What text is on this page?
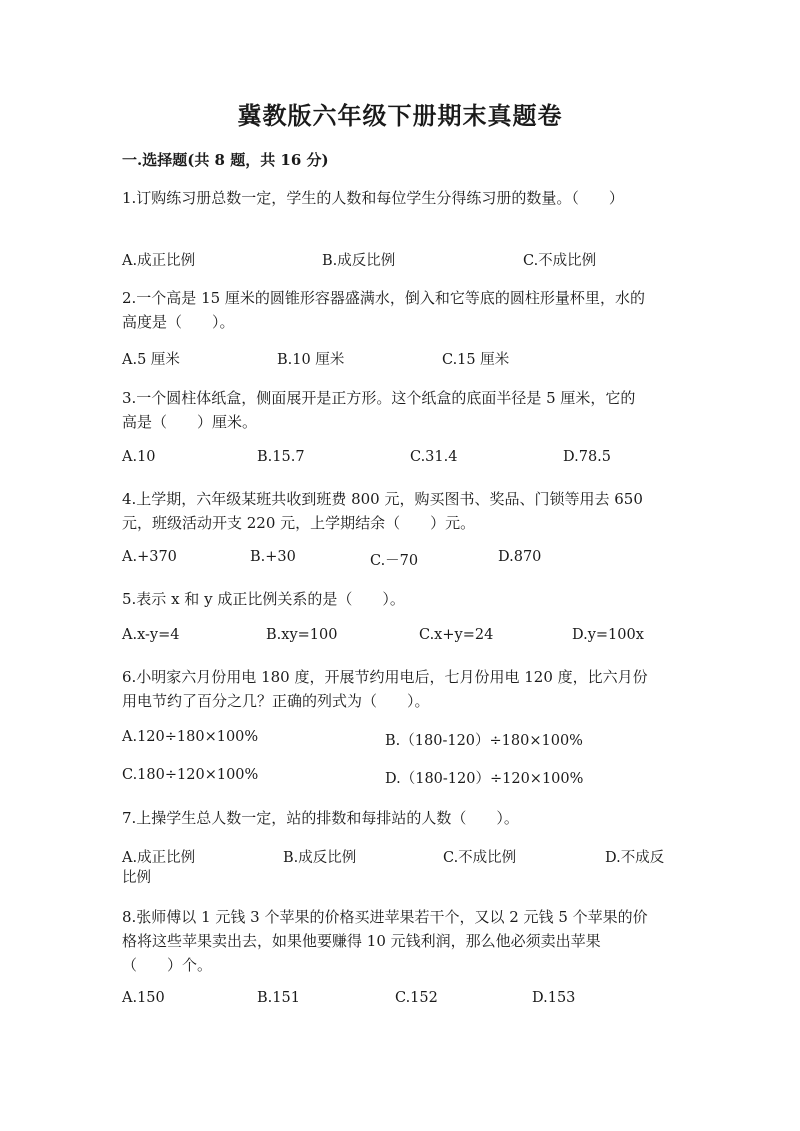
冀教版六年级下册期末真题卷
一.选择题(共 8 题，共 16 分)
1.订购练习册总数一定，学生的人数和每位学生分得练习册的数量。（　　）
A.成正比例	B.成反比例	C.不成比例
2.一个高是 15 厘米的圆锥形容器盛满水，倒入和它等底的圆柱形量杯里，水的
高度是（　　）。
A.5 厘米	B.10 厘米	C.15 厘米
3.一个圆柱体纸盒，侧面展开是正方形。这个纸盒的底面半径是 5 厘米，它的
高是（　　）厘米。
A.10	B.15.7	C.31.4	D.78.5
4.上学期，六年级某班共收到班费 800 元，购买图书、奖品、门锁等用去 650
元，班级活动开支 220 元，上学期结余（　　）元。
A.+370	B.+30	C.－70	D.870
5.表示 x 和 y 成正比例关系的是（　　）。
A.x-y=4	B.xy=100	C.x+y=24	D.y=100x
6.小明家六月份用电 180 度，开展节约用电后，七月份用电 120 度，比六月份
用电节约了百分之几？正确的列式为（　　）。
A.120÷180×100%	B.（180-120）÷180×100%
C.180÷120×100%	D.（180-120）÷120×100%
7.上操学生总人数一定，站的排数和每排站的人数（　　）。
A.成正比例	B.成反比例	C.不成比例	D.不成反
比例
8.张师傅以 1 元钱 3 个苹果的价格买进苹果若干个，又以 2 元钱 5 个苹果的价
格将这些苹果卖出去，如果他要赚得 10 元钱利润，那么他必须卖出苹果
（　　）个。
A.150	B.151	C.152	D.153
